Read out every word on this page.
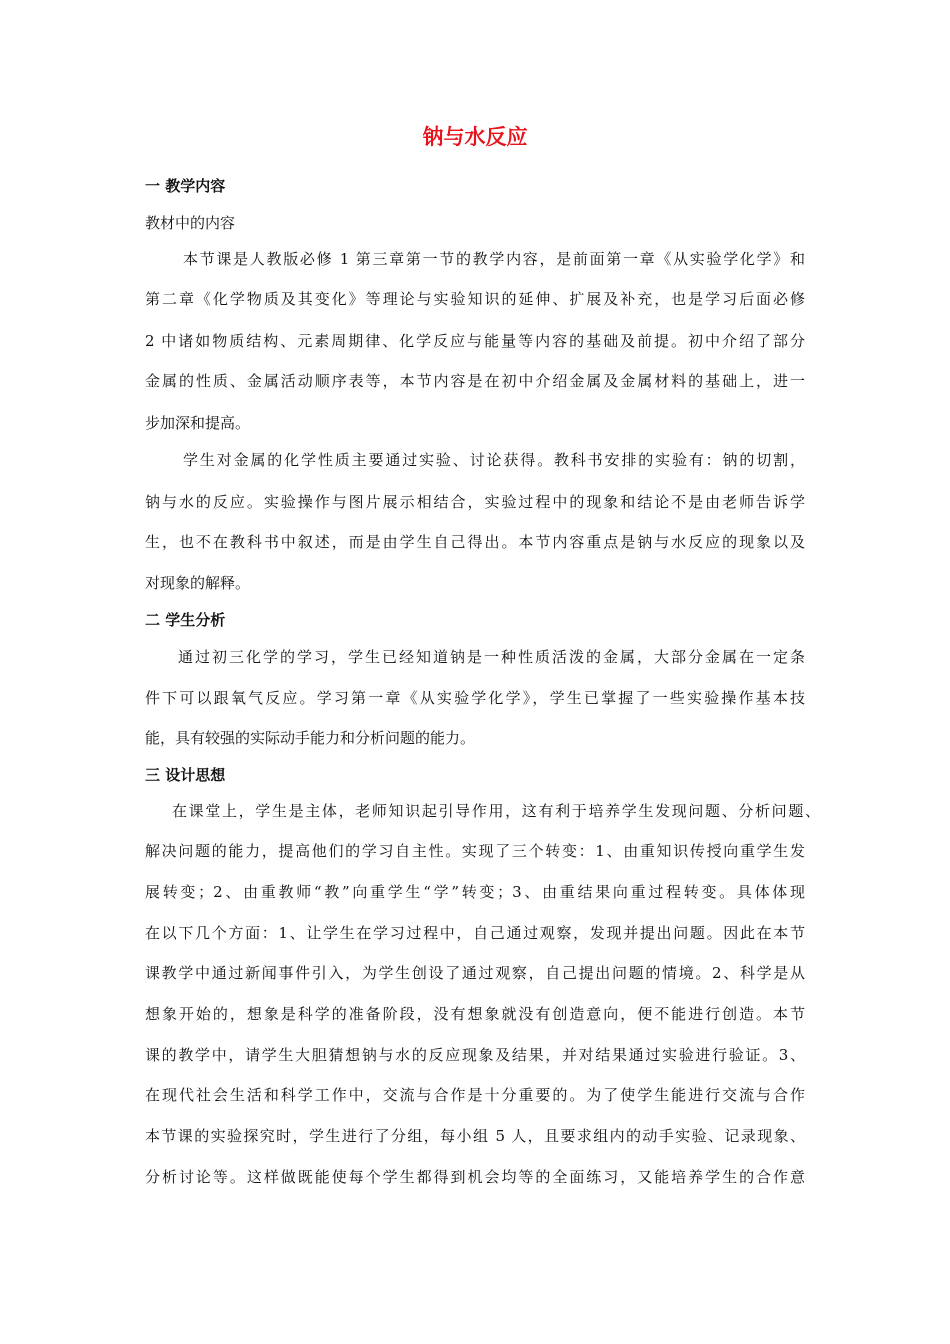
钠与水反应
一 教学内容
教材中的内容
本节课是人教版必修 1 第三章第一节的教学内容，是前面第一章《从实验学化学》和
第二章《化学物质及其变化》等理论与实验知识的延伸、扩展及补充，也是学习后面必修
2 中诸如物质结构、元素周期律、化学反应与能量等内容的基础及前提。初中介绍了部分
金属的性质、金属活动顺序表等，本节内容是在初中介绍金属及金属材料的基础上，进一
步加深和提高。
学生对金属的化学性质主要通过实验、讨论获得。教科书安排的实验有：钠的切割，
钠与水的反应。实验操作与图片展示相结合，实验过程中的现象和结论不是由老师告诉学
生，也不在教科书中叙述，而是由学生自己得出。本节内容重点是钠与水反应的现象以及
对现象的解释。
二 学生分析
通过初三化学的学习，学生已经知道钠是一种性质活泼的金属，大部分金属在一定条
件下可以跟氧气反应。学习第一章《从实验学化学》，学生已掌握了一些实验操作基本技
能，具有较强的实际动手能力和分析问题的能力。
三 设计思想
在课堂上，学生是主体，老师知识起引导作用，这有利于培养学生发现问题、分析问题、
解决问题的能力，提高他们的学习自主性。实现了三个转变：1、由重知识传授向重学生发
展转变；2、由重教师“教”向重学生“学”转变；3、由重结果向重过程转变。具体体现
在以下几个方面：1、让学生在学习过程中，自己通过观察，发现并提出问题。因此在本节
课教学中通过新闻事件引入，为学生创设了通过观察，自己提出问题的情境。2、科学是从
想象开始的，想象是科学的准备阶段，没有想象就没有创造意向，便不能进行创造。本节
课的教学中，请学生大胆猜想钠与水的反应现象及结果，并对结果通过实验进行验证。3、
在现代社会生活和科学工作中，交流与合作是十分重要的。为了使学生能进行交流与合作
本节课的实验探究时，学生进行了分组，每小组 5 人，且要求组内的动手实验、记录现象、
分析讨论等。这样做既能使每个学生都得到机会均等的全面练习，又能培养学生的合作意
